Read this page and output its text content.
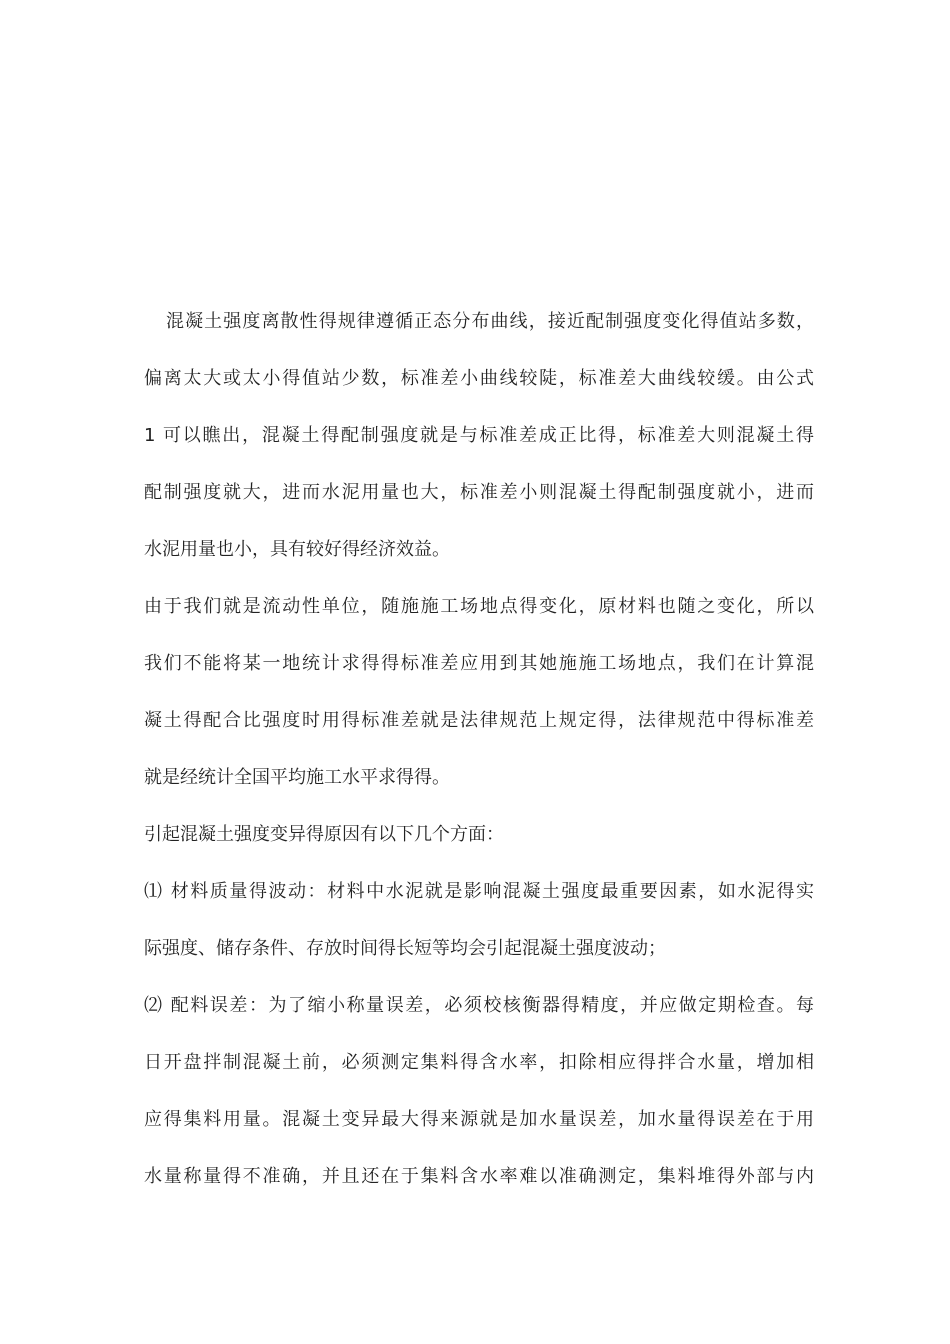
混凝土强度离散性得规律遵循正态分布曲线，接近配制强度变化得值站多数，
偏离太大或太小得值站少数，标准差小曲线较陡，标准差大曲线较缓。由公式
1 可以瞧出，混凝土得配制强度就是与标准差成正比得，标准差大则混凝土得
配制强度就大，进而水泥用量也大，标准差小则混凝土得配制强度就小，进而
水泥用量也小，具有较好得经济效益。
由于我们就是流动性单位，随施施工场地点得变化，原材料也随之变化，所以
我们不能将某一地统计求得得标准差应用到其她施施工场地点，我们在计算混
凝土得配合比强度时用得标准差就是法律规范上规定得，法律规范中得标准差
就是经统计全国平均施工水平求得得。
引起混凝土强度变异得原因有以下几个方面：
⑴ 材料质量得波动：材料中水泥就是影响混凝土强度最重要因素，如水泥得实
际强度、储存条件、存放时间得长短等均会引起混凝土强度波动；
⑵ 配料误差：为了缩小称量误差，必须校核衡器得精度，并应做定期检查。每
日开盘拌制混凝土前，必须测定集料得含水率，扣除相应得拌合水量，增加相
应得集料用量。混凝土变异最大得来源就是加水量误差，加水量得误差在于用
水量称量得不准确，并且还在于集料含水率难以准确测定，集料堆得外部与内
